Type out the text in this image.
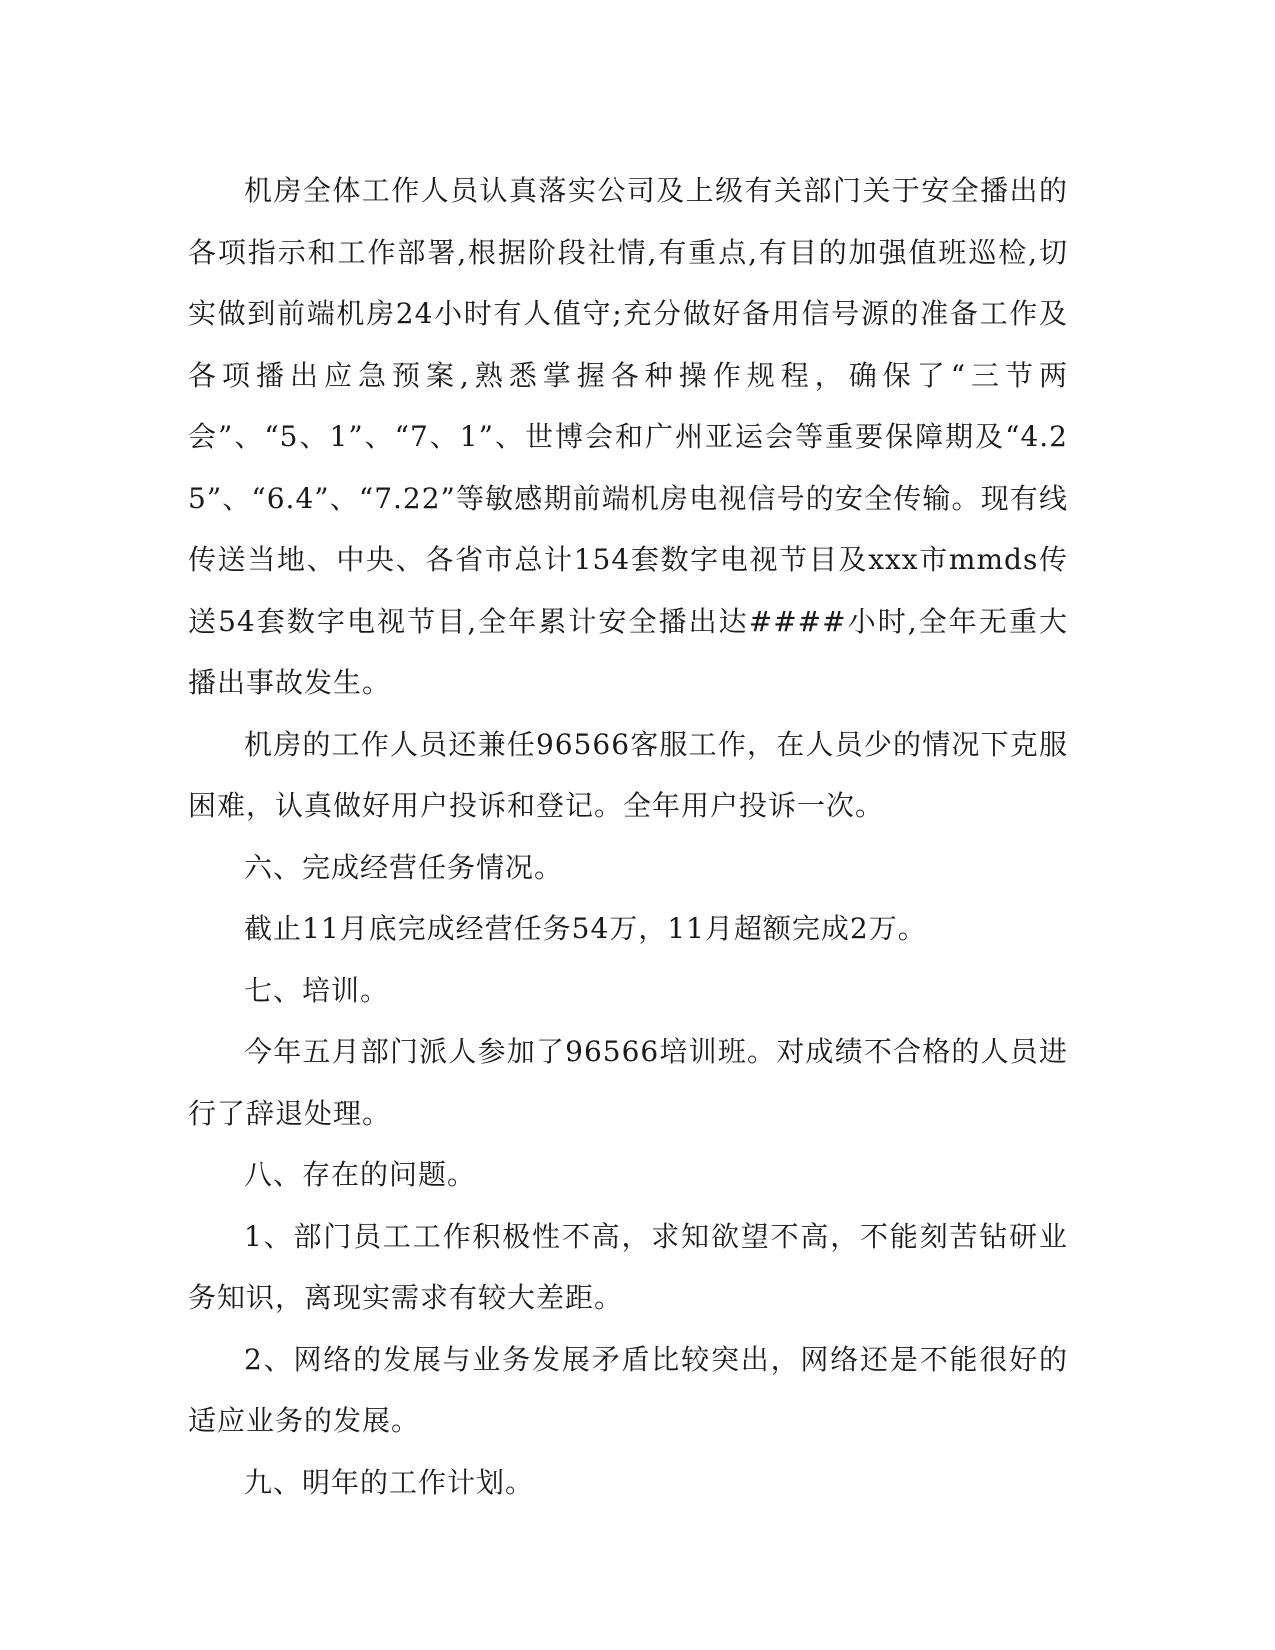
机房全体工作人员认真落实公司及上级有关部门关于安全播出的各项指示和工作部署,根据阶段社情,有重点,有目的加强值班巡检,切实做到前端机房24小时有人值守;充分做好备用信号源的准备工作及各项播出应急预案,熟悉掌握各种操作规程，确保了“三节两会”、“5、1”、“7、1”、世博会和广州亚运会等重要保障期及“4.25”、“6.4”、“7.22”等敏感期前端机房电视信号的安全传输。现有线传送当地、中央、各省市总计154套数字电视节目及xxx市mmds传送54套数字电视节目,全年累计安全播出达####小时,全年无重大播出事故发生。

机房的工作人员还兼任96566客服工作，在人员少的情况下克服困难，认真做好用户投诉和登记。全年用户投诉一次。

六、完成经营任务情况。

截止11月底完成经营任务54万，11月超额完成2万。

七、培训。

今年五月部门派人参加了96566培训班。对成绩不合格的人员进行了辞退处理。

八、存在的问题。

1、部门员工工作积极性不高，求知欲望不高，不能刻苦钻研业务知识，离现实需求有较大差距。

2、网络的发展与业务发展矛盾比较突出，网络还是不能很好的适应业务的发展。

九、明年的工作计划。
